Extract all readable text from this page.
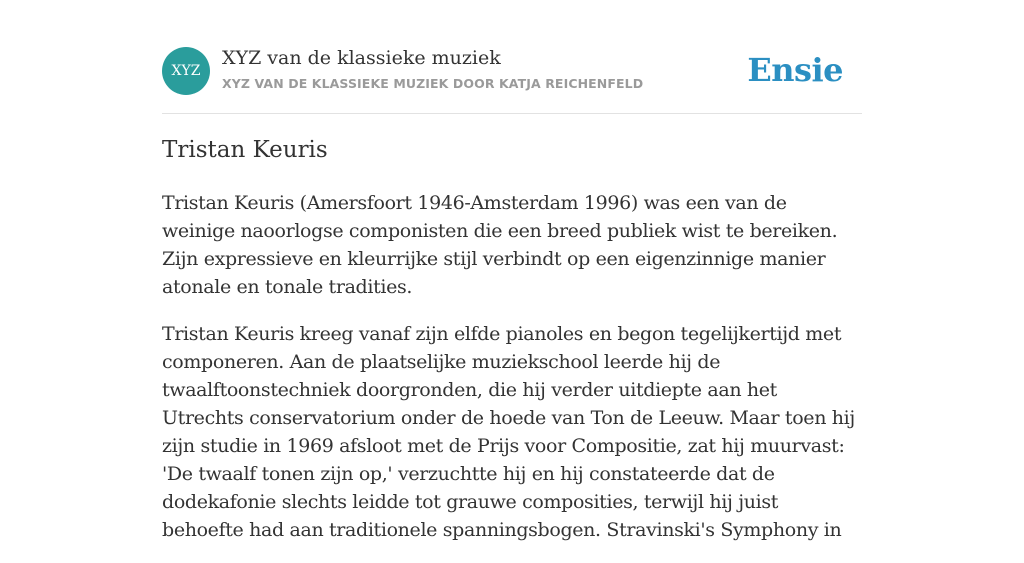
XYZ
XYZ van de klassieke muziek
XYZ VAN DE KLASSIEKE MUZIEK DOOR KATJA REICHENFELD	Ensie
Tristan Keuris

Tristan Keuris (Amersfoort 1946-Amsterdam 1996) was een van de weinige naoorlogse componisten die een breed publiek wist te bereiken. Zijn expressieve en kleurrijke stijl verbindt op een eigenzinnige manier atonale en tonale tradities.

Tristan Keuris kreeg vanaf zijn elfde pianoles en begon tegelijkertijd met componeren. Aan de plaatselijke muziekschool leerde hij de twaalftoonstechniek doorgronden, die hij verder uitdiepte aan het Utrechts conservatorium onder de hoede van Ton de Leeuw. Maar toen hij zijn studie in 1969 afsloot met de Prijs voor Compositie, zat hij muurvast: 'De twaalf tonen zijn op,' verzuchtte hij en hij constateerde dat de dodekafonie slechts leidde tot grauwe composities, terwijl hij juist behoefte had aan traditionele spanningsbogen. Stravinski's Symphony in
